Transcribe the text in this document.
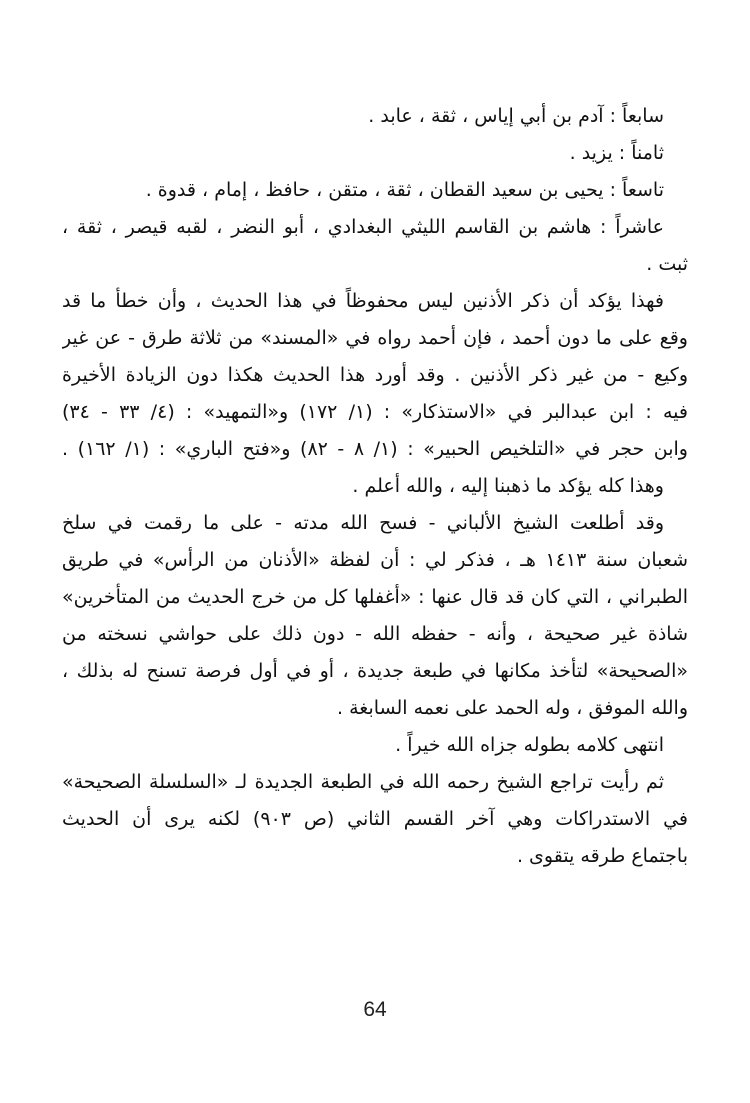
سابعاً : آدم بن أبي إياس ، ثقة ، عابد .
ثامناً : يزيد .
تاسعاً : يحيى بن سعيد القطان ، ثقة ، متقن ، حافظ ، إمام ، قدوة .
عاشراً : هاشم بن القاسم الليثي البغدادي ، أبو النضر ، لقبه قيصر ، ثقة ،
ثبت .
فهذا يؤكد أن ذكر الأذنين ليس محفوظاً في هذا الحديث ، وأن خطأ ما قد
وقع على ما دون أحمد ، فإن أحمد رواه في «المسند» من ثلاثة طرق - عن غير
وكيع - من غير ذكر الأذنين . وقد أورد هذا الحديث هكذا دون الزيادة الأخيرة
فيه : ابن عبدالبر في «الاستذكار» : (١/ ١٧٢) و«التمهيد» : (٤/ ٣٣ - ٣٤)
وابن حجر في «التلخيص الحبير» : (١/ ٨ - ٨٢) و«فتح الباري» : (١/ ١٦٢) .
وهذا كله يؤكد ما ذهبنا إليه ، والله أعلم .
وقد أطلعت الشيخ الألباني - فسح الله مدته - على ما رقمت في سلخ
شعبان سنة ١٤١٣ هـ ، فذكر لي : أن لفظة «الأذنان من الرأس» في طريق
الطبراني ، التي كان قد قال عنها : «أغفلها كل من خرج الحديث من المتأخرين»
شاذة غير صحيحة ، وأنه - حفظه الله - دون ذلك على حواشي نسخته من
«الصحيحة» لتأخذ مكانها في طبعة جديدة ، أو في أول فرصة تسنح له بذلك ،
والله الموفق ، وله الحمد على نعمه السابغة .
انتهى كلامه بطوله جزاه الله خيراً .
ثم رأيت تراجع الشيخ رحمه الله في الطبعة الجديدة لـ «السلسلة الصحيحة»
في الاستدراكات وهي آخر القسم الثاني (ص ٩٠٣) لكنه يرى أن الحديث
باجتماع طرقه يتقوى .
64
